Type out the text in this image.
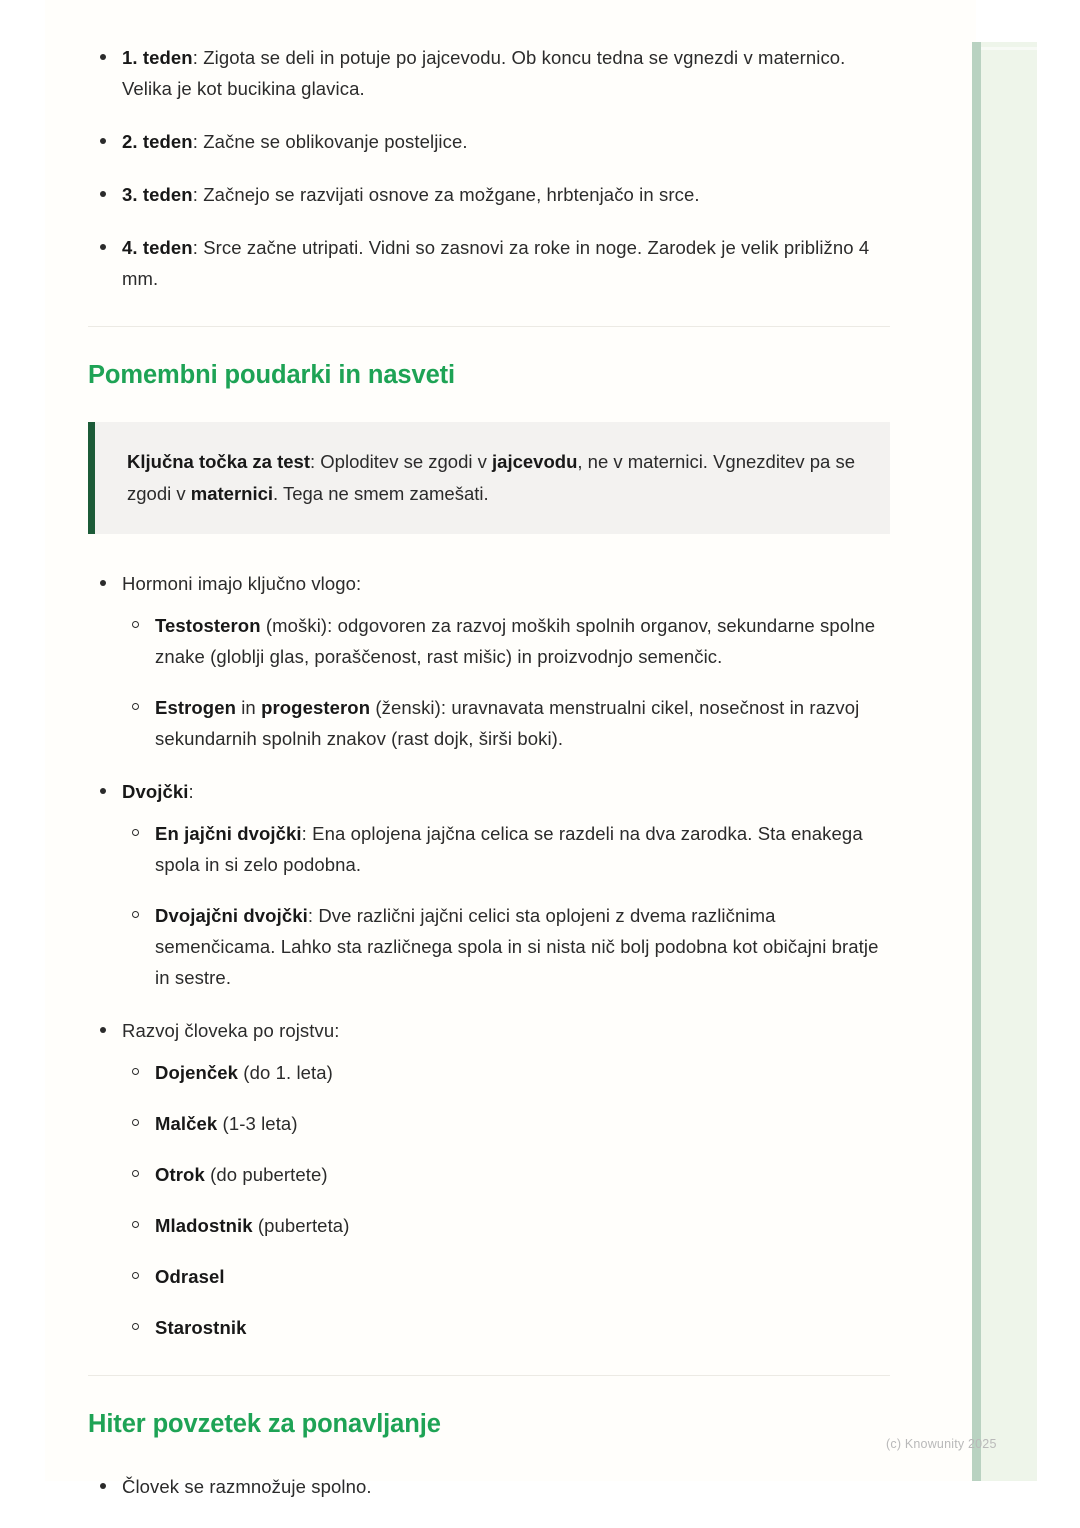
1. teden: Zigota se deli in potuje po jajcevodu. Ob koncu tedna se vgnezdi v maternico. Velika je kot bucikina glavica.
2. teden: Začne se oblikovanje posteljice.
3. teden: Začnejo se razvijati osnove za možgane, hrbtenjačo in srce.
4. teden: Srce začne utripati. Vidni so zasnovi za roke in noge. Zarodek je velik približno 4 mm.
Pomembni poudarki in nasveti
Ključna točka za test: Oploditev se zgodi v jajcevodu, ne v maternici. Vgnezditev pa se zgodi v maternici. Tega ne smem zamešati.
Hormoni imajo ključno vlogo:
Testosteron (moški): odgovoren za razvoj moških spolnih organov, sekundarne spolne znake (globlji glas, poraščenost, rast mišic) in proizvodnjo semenčic.
Estrogen in progesteron (ženski): uravnavata menstrualni cikel, nosečnost in razvoj sekundarnih spolnih znakov (rast dojk, širši boki).
Dvojčki:
En jajčni dvojčki: Ena oplojena jajčna celica se razdeli na dva zarodka. Sta enakega spola in si zelo podobna.
Dvojajčni dvojčki: Dve različni jajčni celici sta oplojeni z dvema različnima semenčicama. Lahko sta različnega spola in si nista nič bolj podobna kot običajni bratje in sestre.
Razvoj človeka po rojstvu:
Dojenček (do 1. leta)
Malček (1-3 leta)
Otrok (do pubertete)
Mladostnik (puberteta)
Odrasel
Starostnik
Hiter povzetek za ponavljanje
Človek se razmnožuje spolno.
(c) Knowunity 2025
